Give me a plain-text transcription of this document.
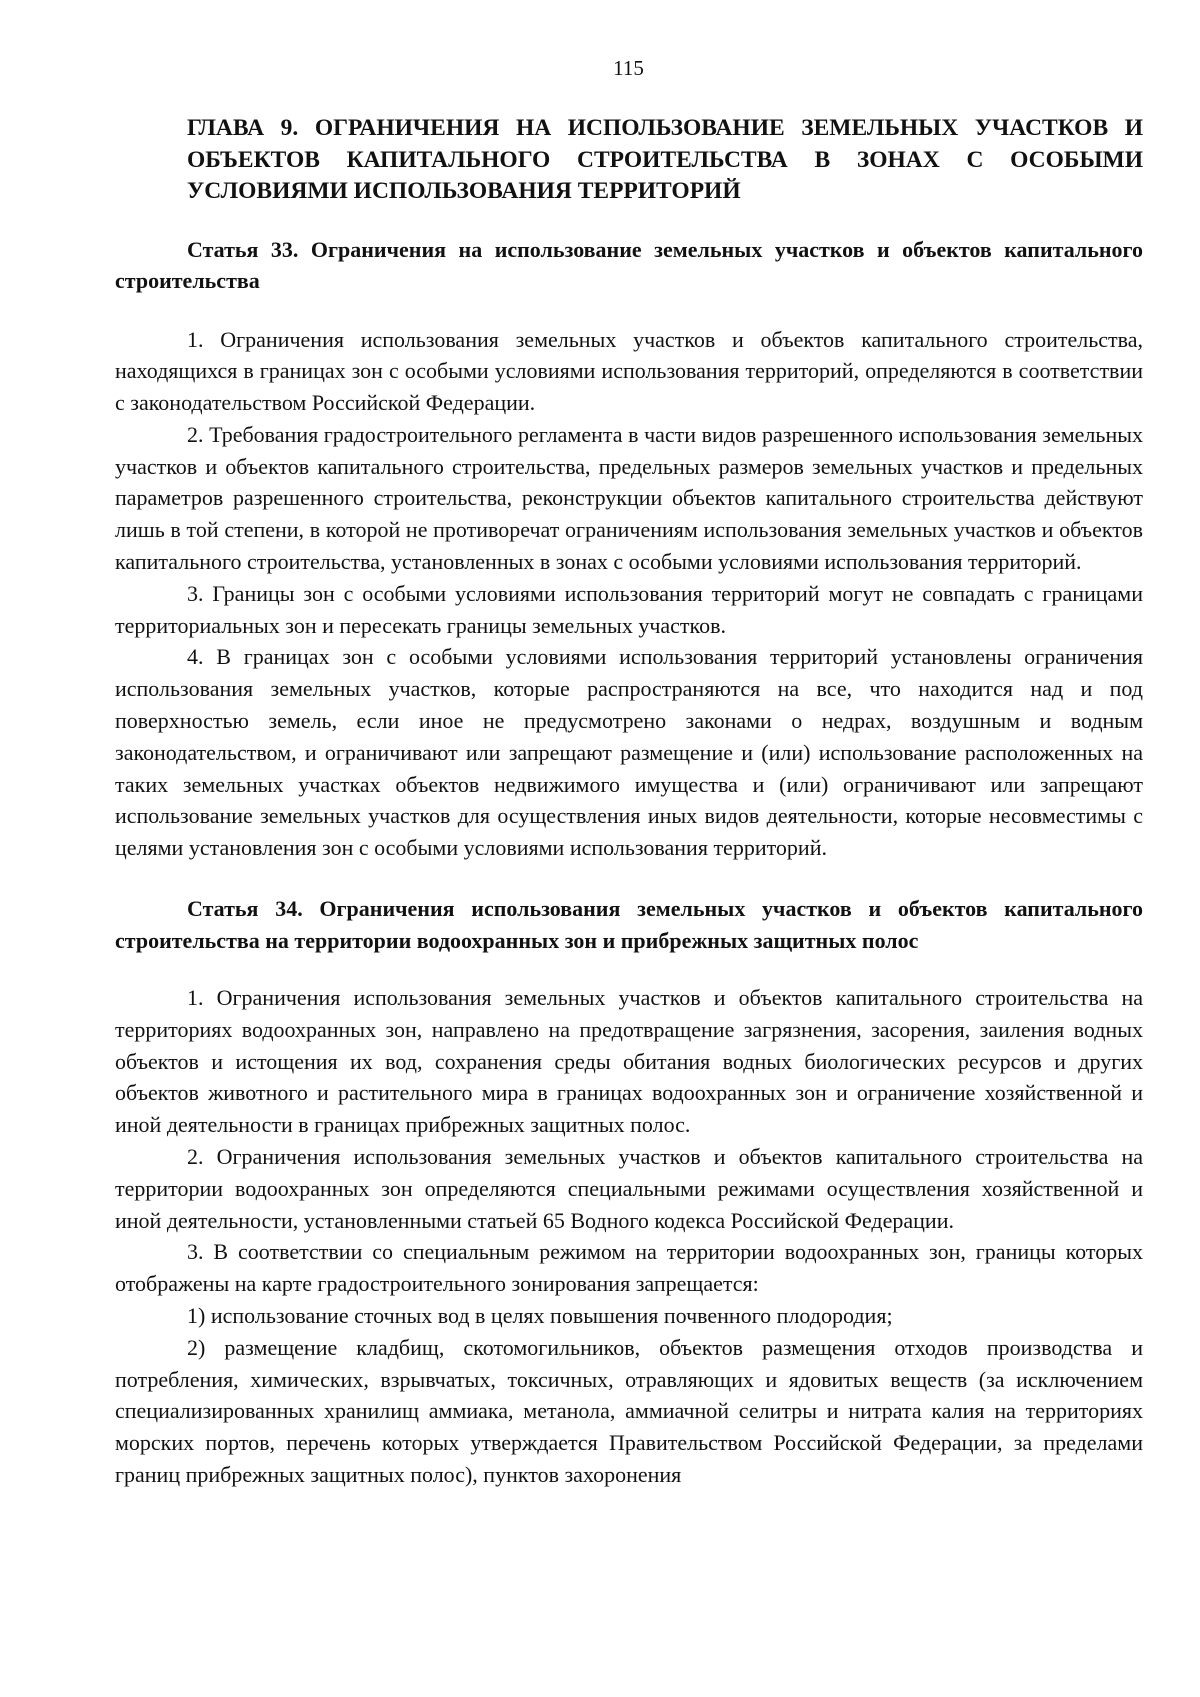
115
ГЛАВА 9. ОГРАНИЧЕНИЯ НА ИСПОЛЬЗОВАНИЕ ЗЕМЕЛЬНЫХ УЧАСТКОВ И ОБЪЕКТОВ КАПИТАЛЬНОГО СТРОИТЕЛЬСТВА В ЗОНАХ С ОСОБЫМИ УСЛОВИЯМИ ИСПОЛЬЗОВАНИЯ ТЕРРИТОРИЙ
Статья 33. Ограничения на использование земельных участков и объектов капитального строительства

1. Ограничения использования земельных участков и объектов капитального строительства, находящихся в границах зон с особыми условиями использования территорий, определяются в соответствии с законодательством Российской Федерации.

2. Требования градостроительного регламента в части видов разрешенного использования земельных участков и объектов капитального строительства, предельных размеров земельных участков и предельных параметров разрешенного строительства, реконструкции объектов капитального строительства действуют лишь в той степени, в которой не противоречат ограничениям использования земельных участков и объектов капитального строительства, установленных в зонах с особыми условиями использования территорий.

3. Границы зон с особыми условиями использования территорий могут не совпадать с границами территориальных зон и пересекать границы земельных участков.

4. В границах зон с особыми условиями использования территорий установлены ограничения использования земельных участков, которые распространяются на все, что находится над и под поверхностью земель, если иное не предусмотрено законами о недрах, воздушным и водным законодательством, и ограничивают или запрещают размещение и (или) использование расположенных на таких земельных участках объектов недвижимого имущества и (или) ограничивают или запрещают использование земельных участков для осуществления иных видов деятельности, которые несовместимы с целями установления зон с особыми условиями использования территорий.

Статья 34. Ограничения использования земельных участков и объектов капитального строительства на территории водоохранных зон и прибрежных защитных полос

1. Ограничения использования земельных участков и объектов капитального строительства на территориях водоохранных зон, направлено на предотвращение загрязнения, засорения, заиления водных объектов и истощения их вод, сохранения среды обитания водных биологических ресурсов и других объектов животного и растительного мира в границах водоохранных зон и ограничение хозяйственной и иной деятельности в границах прибрежных защитных полос.

2. Ограничения использования земельных участков и объектов капитального строительства на территории водоохранных зон определяются специальными режимами осуществления хозяйственной и иной деятельности, установленными статьей 65 Водного кодекса Российской Федерации.

3. В соответствии со специальным режимом на территории водоохранных зон, границы которых отображены на карте градостроительного зонирования запрещается:

1) использование сточных вод в целях повышения почвенного плодородия;

2) размещение кладбищ, скотомогильников, объектов размещения отходов производства и потребления, химических, взрывчатых, токсичных, отравляющих и ядовитых веществ (за исключением специализированных хранилищ аммиака, метанола, аммиачной селитры и нитрата калия на территориях морских портов, перечень которых утверждается Правительством Российской Федерации, за пределами границ прибрежных защитных полос), пунктов захоронения
